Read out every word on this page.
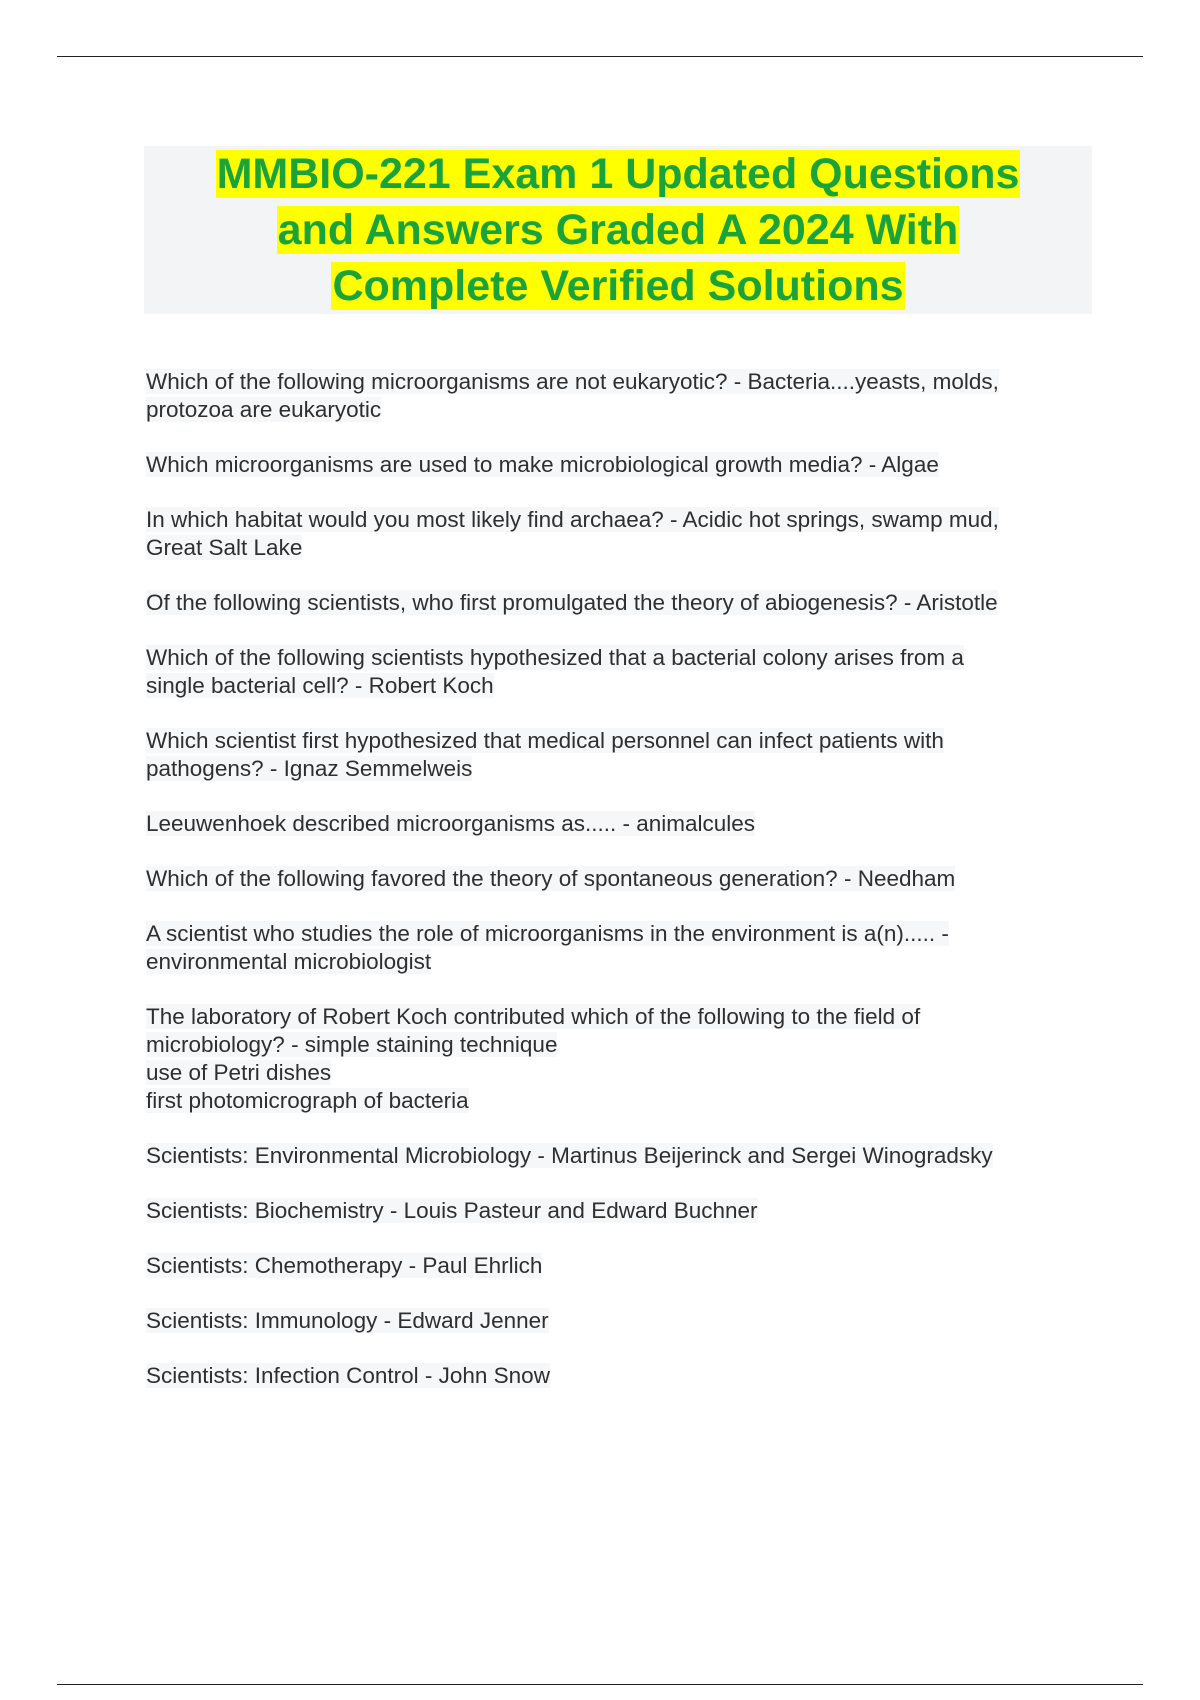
MMBIO-221 Exam 1 Updated Questions
and Answers Graded A 2024 With
Complete Verified Solutions
Which of the following microorganisms are not eukaryotic? - Bacteria....yeasts, molds,
protozoa are eukaryotic
Which microorganisms are used to make microbiological growth media? - Algae
In which habitat would you most likely find archaea? - Acidic hot springs, swamp mud,
Great Salt Lake
Of the following scientists, who first promulgated the theory of abiogenesis? - Aristotle
Which of the following scientists hypothesized that a bacterial colony arises from a
single bacterial cell? - Robert Koch
Which scientist first hypothesized that medical personnel can infect patients with
pathogens? - Ignaz Semmelweis
Leeuwenhoek described microorganisms as..... - animalcules
Which of the following favored the theory of spontaneous generation? - Needham
A scientist who studies the role of microorganisms in the environment is a(n)..... -
environmental microbiologist
The laboratory of Robert Koch contributed which of the following to the field of
microbiology? - simple staining technique
use of Petri dishes
first photomicrograph of bacteria
Scientists: Environmental Microbiology - Martinus Beijerinck and Sergei Winogradsky
Scientists: Biochemistry - Louis Pasteur and Edward Buchner
Scientists: Chemotherapy - Paul Ehrlich
Scientists: Immunology - Edward Jenner
Scientists: Infection Control - John Snow
